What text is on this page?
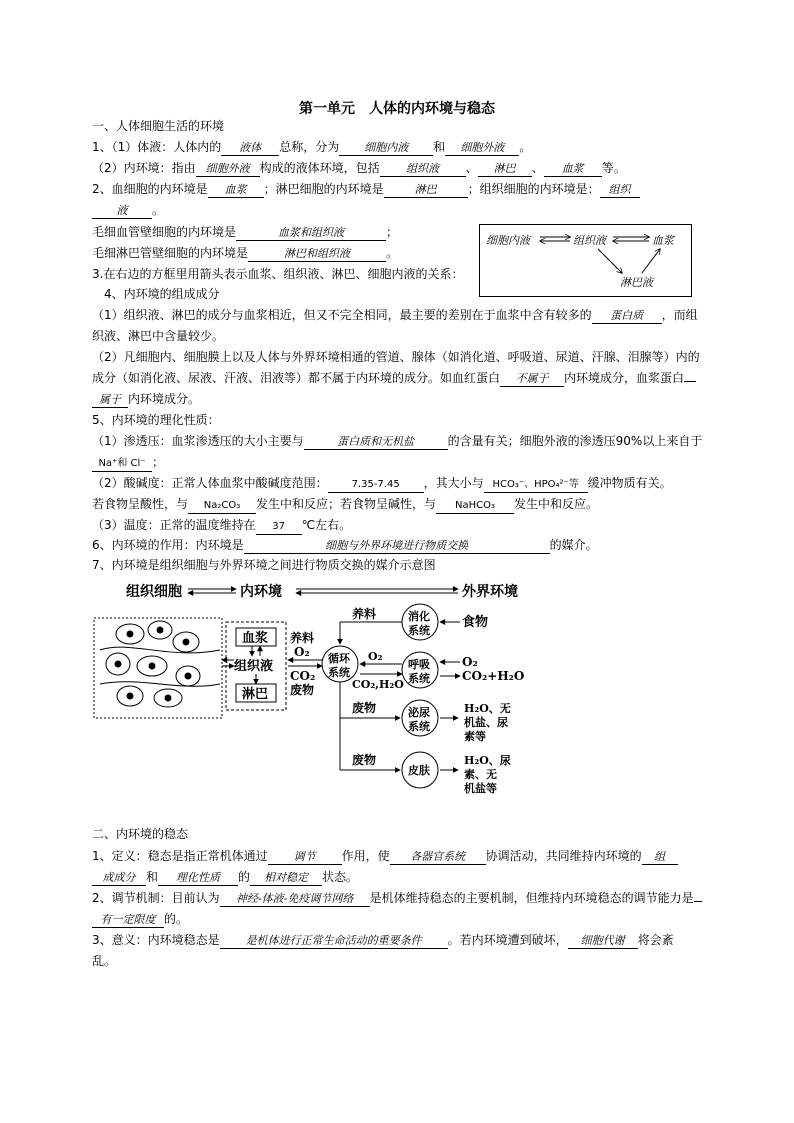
第一单元　人体的内环境与稳态
一、人体细胞生活的环境
1、（1）体液：人体内的 液体 总称，分为 细胞内液 和 细胞外液 。
（2）内环境：指由 细胞外液 构成的液体环境，包括 组织液 、 淋巴 、 血浆 等。
2、血细胞的内环境是 血浆 ；淋巴细胞的内环境是	淋巴	；组织细胞的内环境是： 组织
液 。
毛细血管壁细胞的内环境是	血浆和组织液	；
毛细淋巴管壁细胞的内环境是	淋巴和组织液	。
细胞内液	组织液	血浆
淋巴液
3.在右边的方框里用箭头表示血浆、组织液、淋巴、细胞内液的关系：
4、内环境的组成成分
（1）组织液、淋巴的成分与血浆相近，但又不完全相同，最主要的差别在于血浆中含有较多的 蛋白质 ，而组
织液、淋巴中含量较少。
（2）凡细胞内、细胞膜上以及人体与外界环境相通的管道、腺体（如消化道、呼吸道、尿道、汗腺、泪腺等）内的
成分（如消化液、尿液、汗液、泪液等）都不属于内环境的成分。如血红蛋白 不属于 内环境成分，血浆蛋白
属于 内环境成分。
5、内环境的理化性质：
（1）渗透压：血浆渗透压的大小主要与	蛋白质和无机盐	的含量有关；细胞外液的渗透压90%以上来自于
Na⁺和 Cl⁻ ；
（2）酸碱度：正常人体血浆中酸碱度范围： 7.35-7.45 ，其大小与 HCO₃⁻、HPO₄²⁻等 缓冲物质有关。
若食物呈酸性，与 Na₂CO₃ 发生中和反应；若食物呈碱性，与 NaHCO₃ 发生中和反应。
（3）温度：正常的温度维持在 37 ℃左右。
6、内环境的作用：内环境是	细胞与外界环境进行物质交换	的媒介。
7、内环境是组织细胞与外界环境之间进行物质交换的媒介示意图
组织细胞	内环境	外界环境
血浆
组织液
淋巴
养料
O₂
CO₂
废物
循环
系统
消化
系统
养料
食物
呼吸
系统
O₂
CO₂,H₂O
O₂
CO₂+H₂O
泌尿
系统
废物	H₂O、无
机盐、尿
素等
皮肤
废物	H₂O、尿
素、无
机盐等
二、内环境的稳态
1、定义：稳态是指正常机体通过 调节 作用，使 各器官系统 协调活动，共同维持内环境的 组
成成分 和 理化性质 的 相对稳定 状态。
2、调节机制：目前认为 神经-体液-免疫调节网络 是机体维持稳态的主要机制，但维持内环境稳态的调节能力是
有一定限度 的。
3、意义：内环境稳态是 是机体进行正常生命活动的重要条件 。若内环境遭到破坏， 细胞代谢 将会紊
乱。
